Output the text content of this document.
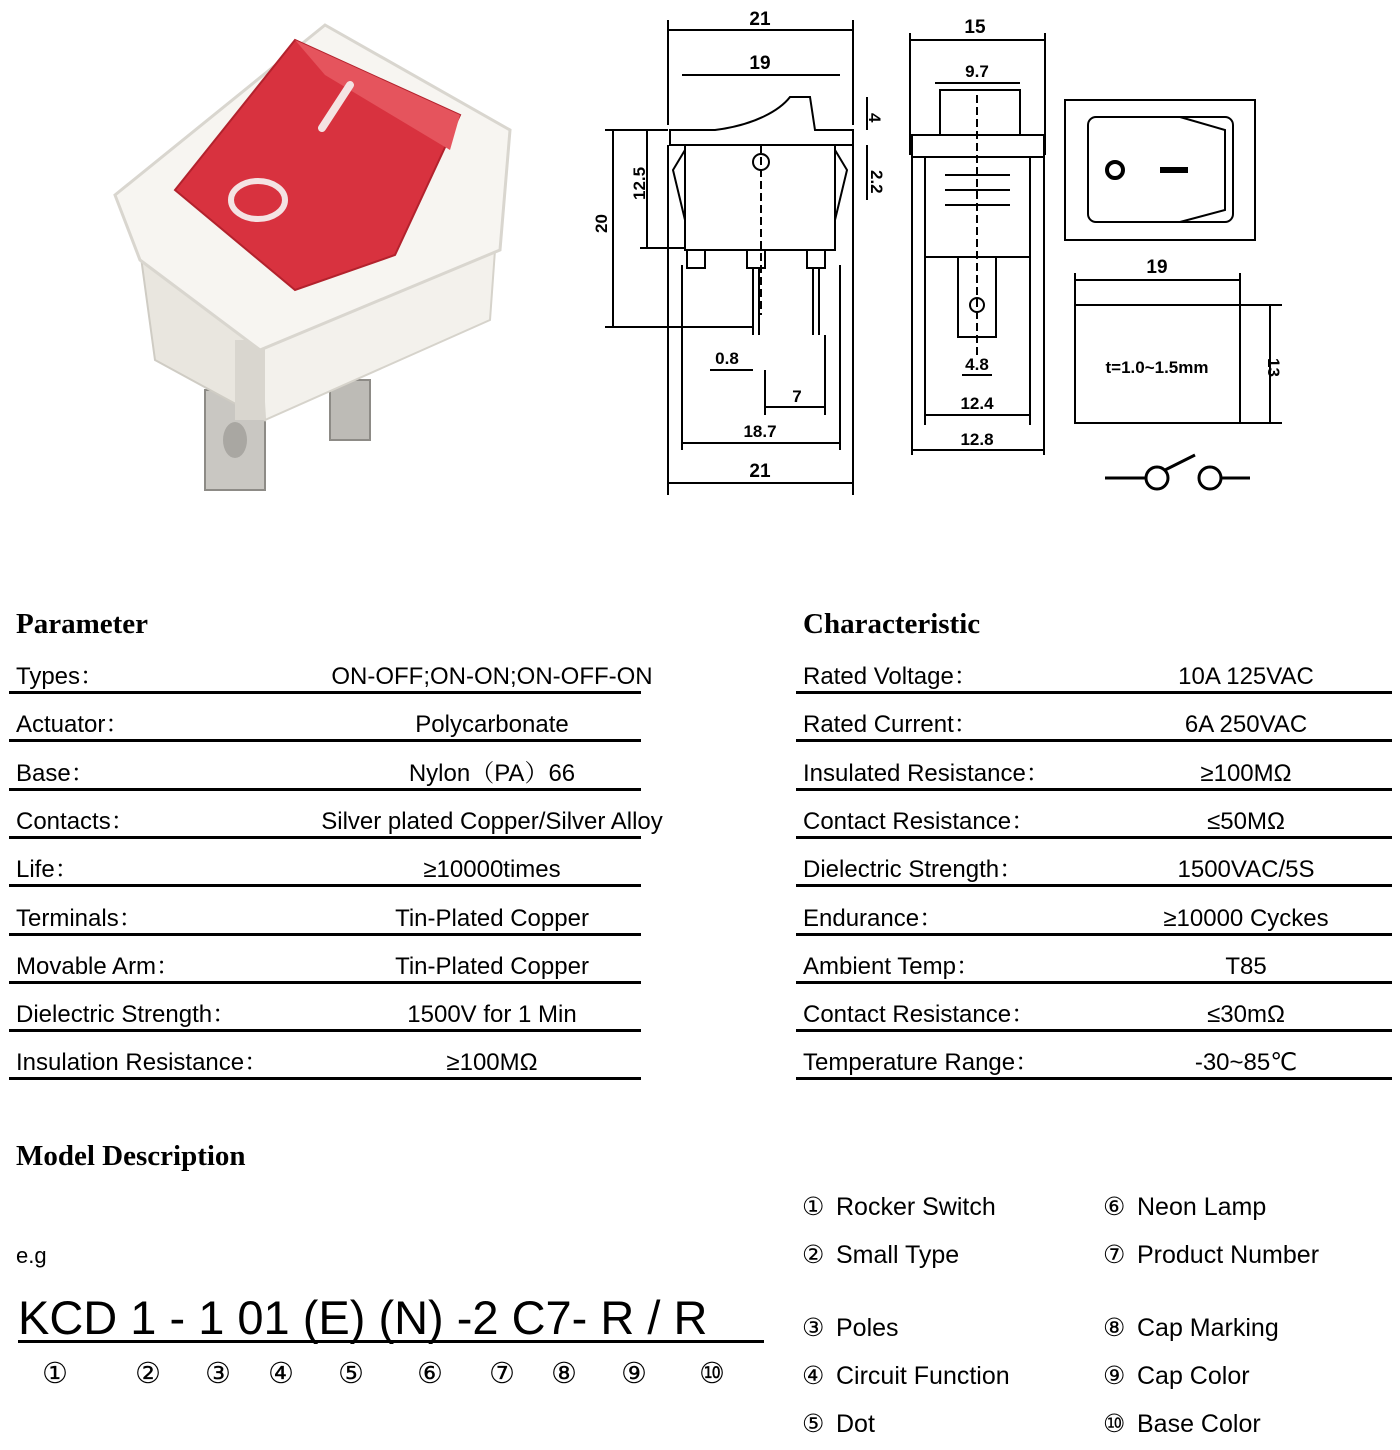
21
19
4
2.2
12.5
20
0.8
7
18.7
21
15
9.7
4.8
12.4
12.8
19
t=1.0~1.5mm	13
Parameter
Types：	ON-OFF;ON-ON;ON-OFF-ON
Actuator：	Polycarbonate
Base：	Nylon（PA）66
Contacts：	Silver plated Copper/Silver Alloy
Life：	≥10000times
Terminals：	Tin-Plated Copper
Movable Arm：	Tin-Plated Copper
Dielectric Strength：	1500V for 1 Min
Insulation Resistance：	≥100MΩ
Characteristic
Rated Voltage：	10A 125VAC
Rated Current：	6A 250VAC
Insulated Resistance：	≥100MΩ
Contact Resistance：	≤50MΩ
Dielectric Strength：	1500VAC/5S
Endurance：	≥10000 Cyckes
Ambient Temp：	T85
Contact Resistance：	≤30mΩ
Temperature Range：	-30~85℃
Model Description
e.g
KCD 1 - 1 01 (E) (N) -2 C7- R / R
① ② ③ ④ ⑤ ⑥ ⑦ ⑧ ⑨ ⑩
① Rocker Switch
② Small Type
③ Poles
④ Circuit Function
⑤ Dot
⑥ Neon Lamp
⑦ Product Number
⑧ Cap Marking
⑨ Cap Color
⑩ Base Color
